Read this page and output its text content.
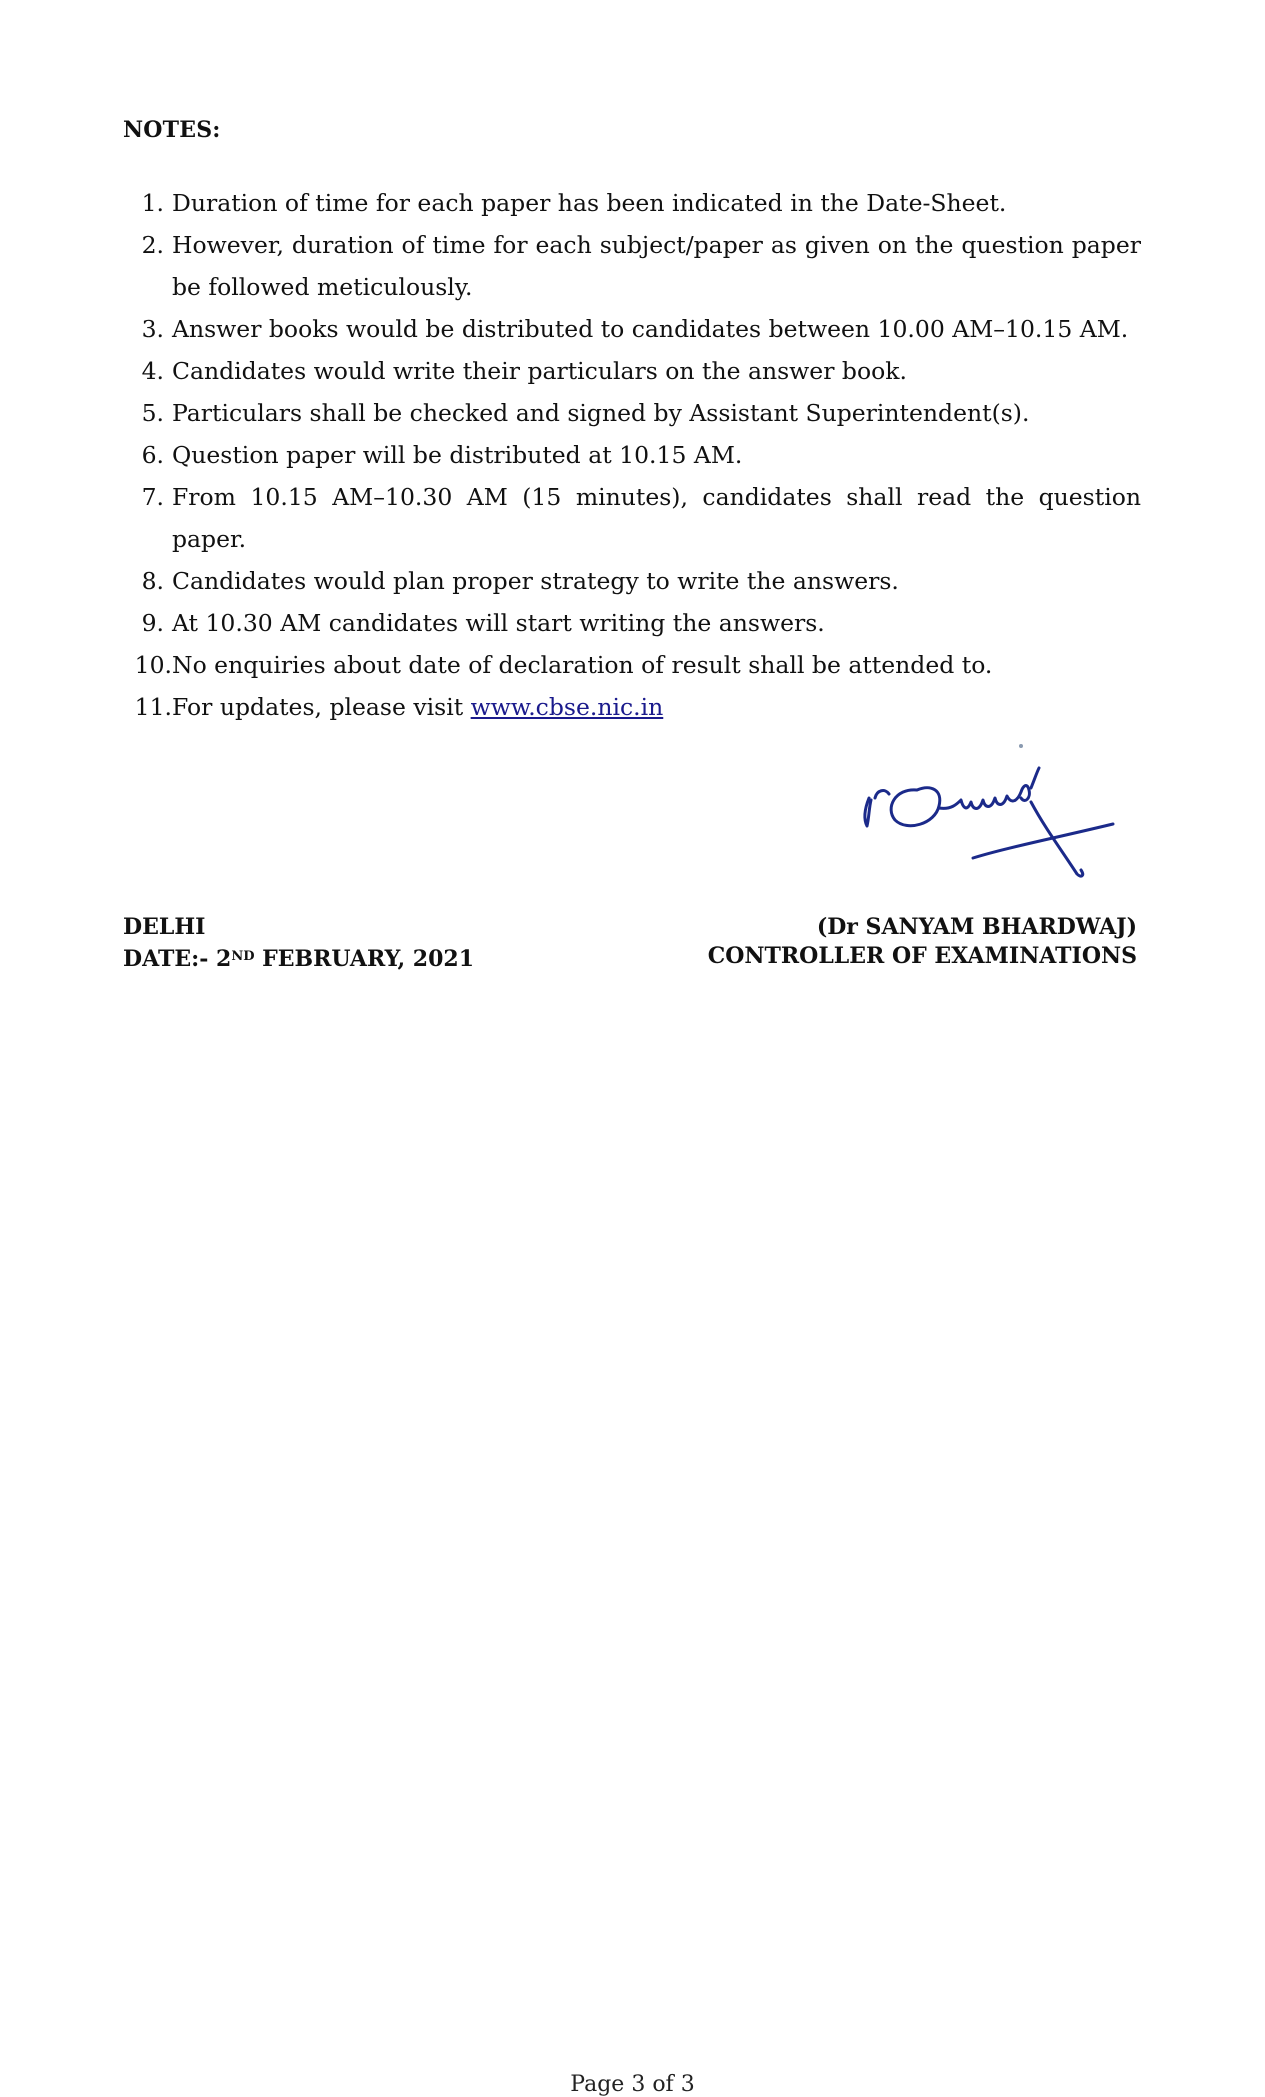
NOTES:
1. Duration of time for each paper has been indicated in the Date-Sheet.
2. However, duration of time for each subject/paper as given on the question paper be followed meticulously.
3. Answer books would be distributed to candidates between 10.00 AM–10.15 AM.
4. Candidates would write their particulars on the answer book.
5. Particulars shall be checked and signed by Assistant Superintendent(s).
6. Question paper will be distributed at 10.15 AM.
7. From 10.15 AM–10.30 AM (15 minutes), candidates shall read the question paper.
8. Candidates would plan proper strategy to write the answers.
9. At 10.30 AM candidates will start writing the answers.
10. No enquiries about date of declaration of result shall be attended to.
11. For updates, please visit www.cbse.nic.in
DELHI
DATE:- 2ND FEBRUARY, 2021
(Dr SANYAM BHARDWAJ)
CONTROLLER OF EXAMINATIONS
Page 3 of 3
